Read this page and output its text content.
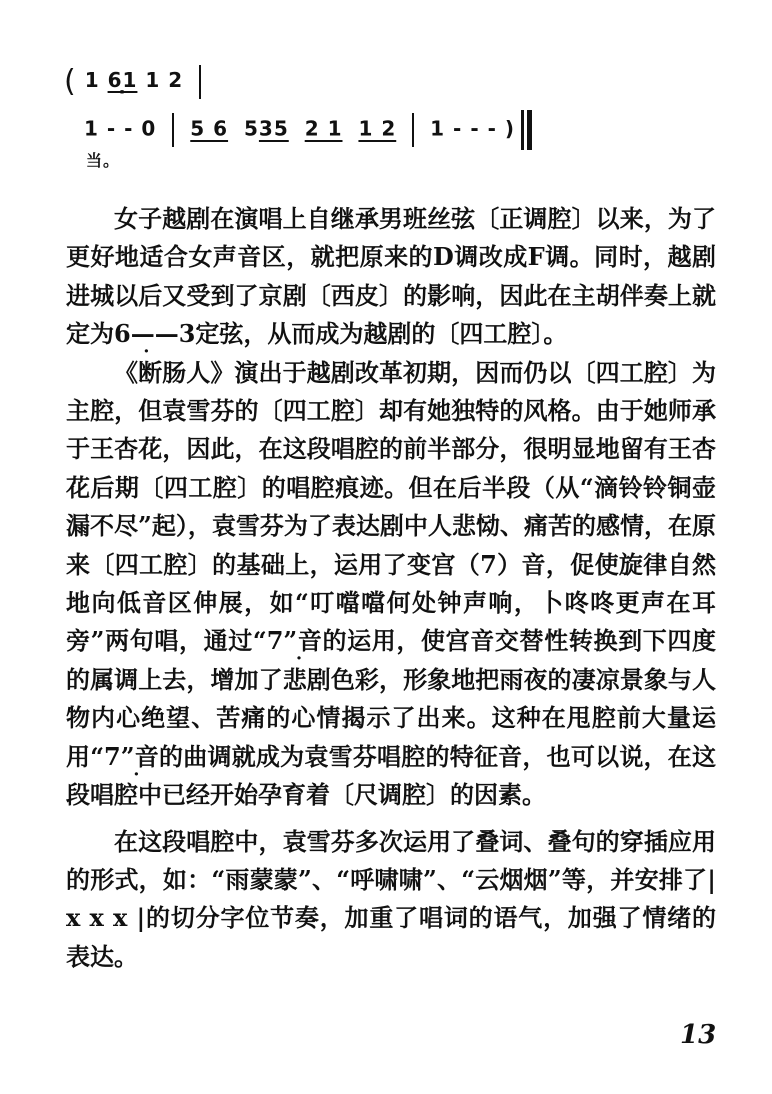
( 1 61 · 1 2
1 - - 0 5 6 535 2 1 1 2 1 - - - )
当。

女子越剧在演唱上自继承男班丝弦〔正调腔〕以来，为了更好地适合女声音区，就把原来的D调改成F调。同时，越剧进城以后又受到了京剧〔西皮〕的影响，因此在主胡伴奏上就定为6 ·——3定弦，从而成为越剧的〔四工腔〕。

《断肠人》演出于越剧改革初期，因而仍以〔四工腔〕为主腔，但袁雪芬的〔四工腔〕却有她独特的风格。由于她师承于王杏花，因此，在这段唱腔的前半部分，很明显地留有王杏花后期〔四工腔〕的唱腔痕迹。但在后半段（从“滴铃铃铜壶漏不尽”起），袁雪芬为了表达剧中人悲恸、痛苦的感情，在原来〔四工腔〕的基础上，运用了变宫（7）音，促使旋律自然地向低音区伸展，如“叮噹噹何处钟声响，卜咚咚更声在耳旁”两句唱，通过“7 ·”音的运用，使宫音交替性转换到下四度的属调上去，增加了悲剧色彩，形象地把雨夜的凄凉景象与人物内心绝望、苦痛的心情揭示了出来。这种在甩腔前大量运用“7 ·”音的曲调就成为袁雪芬唱腔的特征音，也可以说，在这段唱腔中已经开始孕育着〔尺调腔〕的因素。

在这段唱腔中，袁雪芬多次运用了叠词、叠句的穿插应用的形式，如：“雨蒙蒙”、“呼啸啸”、“云烟烟”等，并安排了| x x x |的切分字位节奏，加重了唱词的语气，加强了情绪的表达。

13
